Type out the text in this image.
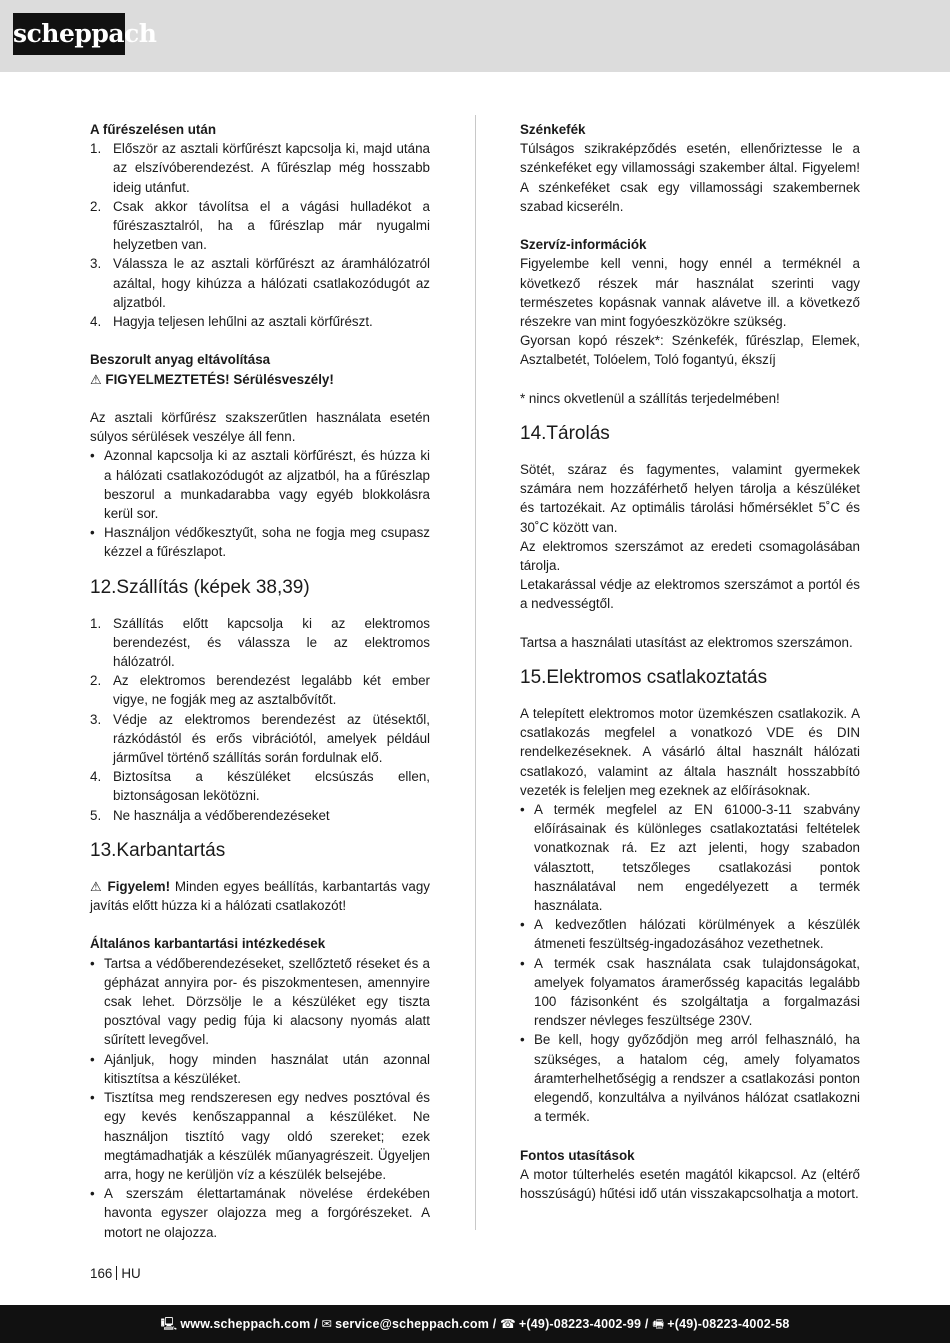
scheppach

A fűrészelésen után

1. Először az asztali körfűrészt kapcsolja ki, majd utána az elszívóberendezést. A fűrészlap még hosszabb ideig utánfut.
2. Csak akkor távolítsa el a vágási hulladékot a fűrészasztalról, ha a fűrészlap már nyugalmi helyzetben van.
3. Válassza le az asztali körfűrészt az áramhálózatról azáltal, hogy kihúzza a hálózati csatlakozódugót az aljzatból.
4. Hagyja teljesen lehűlni az asztali körfűrészt.

Beszorult anyag eltávolítása

⚠ FIGYELMEZTETÉS! Sérülésveszély!

Az asztali körfűrész szakszerűtlen használata esetén súlyos sérülések veszélye áll fenn.

• Azonnal kapcsolja ki az asztali körfűrészt, és húzza ki a hálózati csatlakozódugót az aljzatból, ha a fűrészlap beszorul a munkadarabba vagy egyéb blokkolásra kerül sor.
• Használjon védőkesztyűt, soha ne fogja meg csupasz kézzel a fűrészlapot.
12.Szállítás (képek 38,39)
1. Szállítás előtt kapcsolja ki az elektromos berendezést, és válassza le az elektromos hálózatról.
2. Az elektromos berendezést legalább két ember vigye, ne fogják meg az asztalbővítőt.
3. Védje az elektromos berendezést az ütésektől, rázkódástól és erős vibrációtól, amelyek például járművel történő szállítás során fordulnak elő.
4. Biztosítsa a készüléket elcsúszás ellen, biztonságosan lekötözni.
5. Ne használja a védőberendezéseket
13.Karbantartás

⚠ Figyelem! Minden egyes beállítás, karbantartás vagy javítás előtt húzza ki a hálózati csatlakozót!

Általános karbantartási intézkedések

• Tartsa a védőberendezéseket, szellőztető réseket és a gépházat annyira por- és piszokmentesen, amennyire csak lehet. Dörzsölje le a készüléket egy tiszta posztóval vagy pedig fúja ki alacsony nyomás alatt sűrített levegővel.
• Ajánljuk, hogy minden használat után azonnal kitisztítsa a készüléket.
• Tisztítsa meg rendszeresen egy nedves posztóval és egy kevés kenőszappannal a készüléket. Ne használjon tisztító vagy oldó szereket; ezek megtámadhatják a készülék műanyagrészeit. Ügyeljen arra, hogy ne kerüljön víz a készülék belsejébe.
• A szerszám élettartamának növelése érdekében havonta egyszer olajozza meg a forgórészeket. A motort ne olajozza.

Szénkefék

Túlságos szikraképződés esetén, ellenőriztesse le a szénkeféket egy villamossági szakember által. Figyelem! A szénkeféket csak egy villamossági szakembernek szabad kicseréln.

Szervíz-információk

Figyelembe kell venni, hogy ennél a terméknél a következő részek már használat szerinti vagy természetes kopásnak vannak alávetve ill. a következő részekre van mint fogyóeszközökre szükség.

Gyorsan kopó részek*: Szénkefék, fűrészlap, Elemek, Asztalbetét, Tolóelem, Toló fogantyú, ékszíj

* nincs okvetlenül a szállítás terjedelmében!

14.Tárolás

Sötét, száraz és fagymentes, valamint gyermekek számára nem hozzáférhető helyen tárolja a készüléket és tartozékait. Az optimális tárolási hőmérséklet 5˚C és 30˚C között van.

Az elektromos szerszámot az eredeti csomagolásában tárolja.

Letakarással védje az elektromos szerszámot a portól és a nedvességtől.

Tartsa a használati utasítást az elektromos szerszámon.

15.Elektromos csatlakoztatás

A telepített elektromos motor üzemkészen csatlakozik. A csatlakozás megfelel a vonatkozó VDE és DIN rendelkezéseknek. A vásárló által használt hálózati csatlakozó, valamint az általa használt hosszabbító vezeték is feleljen meg ezeknek az előírásoknak.

• A termék megfelel az EN 61000-3-11 szabvány előírásainak és különleges csatlakoztatási feltételek vonatkoznak rá. Ez azt jelenti, hogy szabadon választott, tetszőleges csatlakozási pontok használatával nem engedélyezett a termék használata.
• A kedvezőtlen hálózati körülmények a készülék átmeneti feszültség-ingadozásához vezethetnek.
• A termék csak használata csak tulajdonságokat, amelyek folyamatos áramerősség kapacitás legalább 100 fázisonként és szolgáltatja a forgalmazási rendszer névleges feszültsége 230V.
• Be kell, hogy győződjön meg arról felhasználó, ha szükséges, a hatalom cég, amely folyamatos áramterhelhetőségig a rendszer a csatlakozási ponton elegendő, konzultálva a nyilvános hálózat csatlakozni a termék.

Fontos utasítások

A motor túlterhelés esetén magától kikapcsol. Az (eltérő hosszúságú) hűtési idő után visszakapcsolhatja a motort.

166 HU
🖳 www.scheppach.com / ✉ service@scheppach.com / ☎ +(49)-08223-4002-99 / 🖷 +(49)-08223-4002-58
